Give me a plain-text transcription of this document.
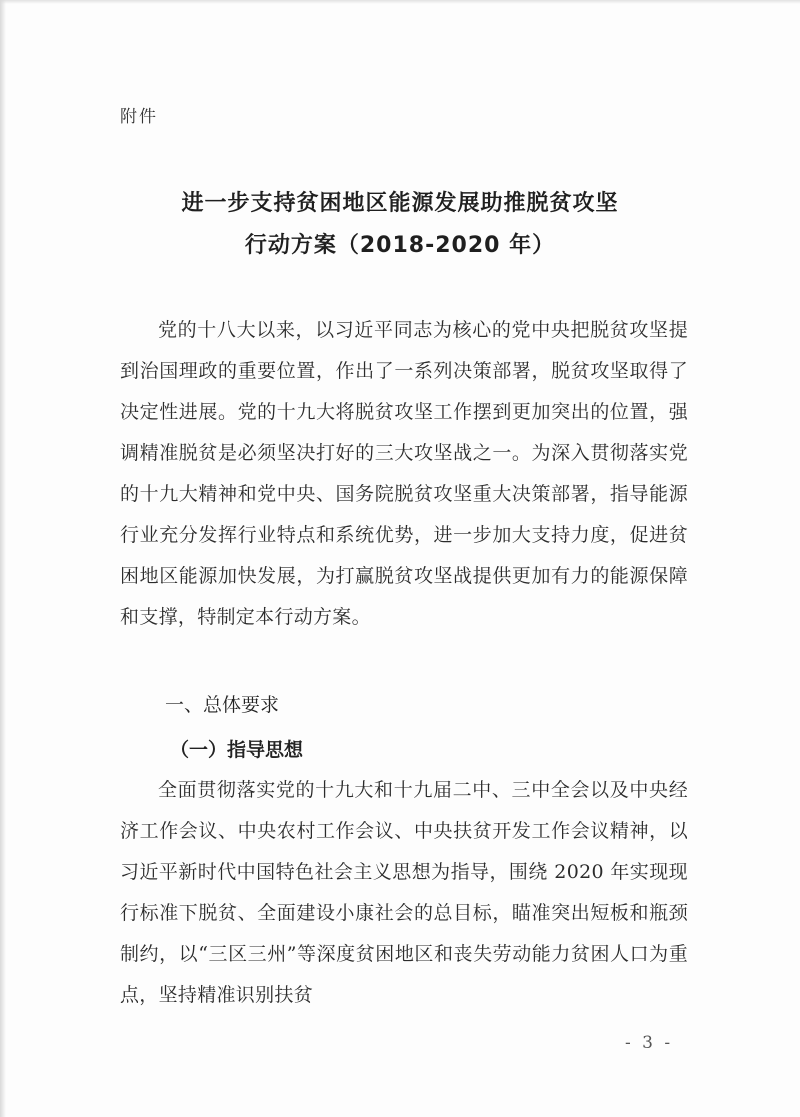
附件
进一步支持贫困地区能源发展助推脱贫攻坚
行动方案（2018-2020 年）

党的十八大以来，以习近平同志为核心的党中央把脱贫攻坚提到治国理政的重要位置，作出了一系列决策部署，脱贫攻坚取得了决定性进展。党的十九大将脱贫攻坚工作摆到更加突出的位置，强调精准脱贫是必须坚决打好的三大攻坚战之一。为深入贯彻落实党的十九大精神和党中央、国务院脱贫攻坚重大决策部署，指导能源行业充分发挥行业特点和系统优势，进一步加大支持力度，促进贫困地区能源加快发展，为打赢脱贫攻坚战提供更加有力的能源保障和支撑，特制定本行动方案。

一、总体要求
（一）指导思想

全面贯彻落实党的十九大和十九届二中、三中全会以及中央经济工作会议、中央农村工作会议、中央扶贫开发工作会议精神，以习近平新时代中国特色社会主义思想为指导，围绕 2020 年实现现行标准下脱贫、全面建设小康社会的总目标，瞄准突出短板和瓶颈制约，以“三区三州”等深度贫困地区和丧失劳动能力贫困人口为重点，坚持精准识别扶贫

- 3 -
